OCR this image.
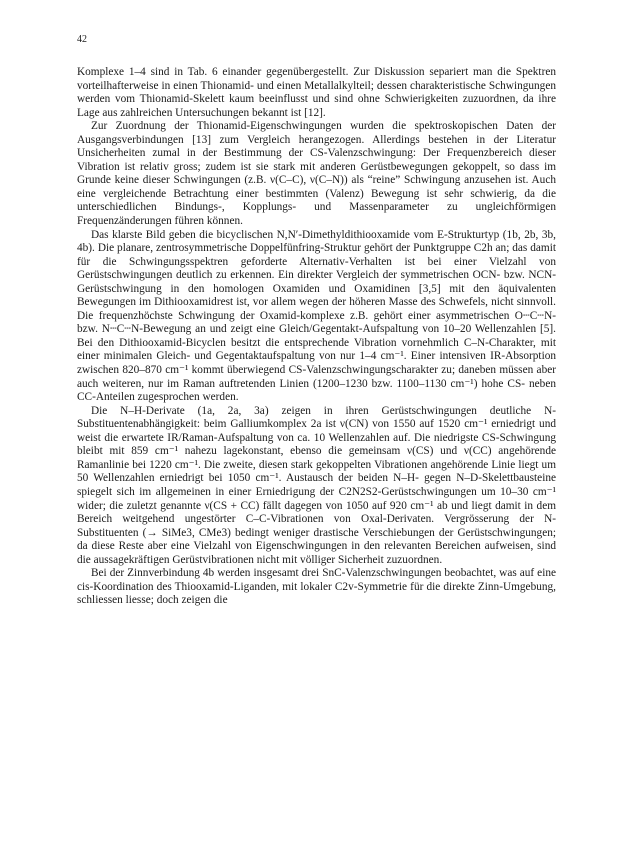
42

Komplexe 1–4 sind in Tab. 6 einander gegenübergestellt. Zur Diskussion separiert man die Spektren vorteilhafterweise in einen Thionamid- und einen Metallalkylteil; dessen charakteristische Schwingungen werden vom Thionamid-Skelett kaum beeinflusst und sind ohne Schwierigkeiten zuzuordnen, da ihre Lage aus zahlreichen Untersuchungen bekannt ist [12].

Zur Zuordnung der Thionamid-Eigenschwingungen wurden die spektroskopischen Daten der Ausgangsverbindungen [13] zum Vergleich herangezogen. Allerdings bestehen in der Literatur Unsicherheiten zumal in der Bestimmung der CS-Valenzschwingung: Der Frequenzbereich dieser Vibration ist relativ gross; zudem ist sie stark mit anderen Gerüstbewegungen gekoppelt, so dass im Grunde keine dieser Schwingungen (z.B. ν(C–C), ν(C–N)) als “reine” Schwingung anzusehen ist. Auch eine vergleichende Betrachtung einer bestimmten (Valenz) Bewegung ist sehr schwierig, da die unterschiedlichen Bindungs-, Kopplungs- und Massenparameter zu ungleichförmigen Frequenzänderungen führen können.

Das klarste Bild geben die bicyclischen N,N′-Dimethyldithiooxamide vom E-Strukturtyp (1b, 2b, 3b, 4b). Die planare, zentrosymmetrische Doppelfünfring-Struktur gehört der Punktgruppe C2h an; das damit für die Schwingungsspektren geforderte Alternativ-Verhalten ist bei einer Vielzahl von Gerüstschwingungen deutlich zu erkennen. Ein direkter Vergleich der symmetrischen OCN- bzw. NCN-Gerüstschwingung in den homologen Oxamiden und Oxamidinen [3,5] mit den äquivalenten Bewegungen im Dithiooxamidrest ist, vor allem wegen der höheren Masse des Schwefels, nicht sinnvoll. Die frequenzhöchste Schwingung der Oxamid-komplexe z.B. gehört einer asymmetrischen O┄C┄N- bzw. N┄C┄N-Bewegung an und zeigt eine Gleich/Gegentakt-Aufspaltung von 10–20 Wellenzahlen [5]. Bei den Dithiooxamid-Bicyclen besitzt die entsprechende Vibration vornehmlich C–N-Charakter, mit einer minimalen Gleich- und Gegentaktaufspaltung von nur 1–4 cm⁻¹. Einer intensiven IR-Absorption zwischen 820–870 cm⁻¹ kommt überwiegend CS-Valenzschwingungscharakter zu; daneben müssen aber auch weiteren, nur im Raman auftretenden Linien (1200–1230 bzw. 1100–1130 cm⁻¹) hohe CS- neben CC-Anteilen zugesprochen werden.

Die N–H-Derivate (1a, 2a, 3a) zeigen in ihren Gerüstschwingungen deutliche N-Substituentenabhängigkeit: beim Galliumkomplex 2a ist ν(CN) von 1550 auf 1520 cm⁻¹ erniedrigt und weist die erwartete IR/Raman-Aufspaltung von ca. 10 Wellenzahlen auf. Die niedrigste CS-Schwingung bleibt mit 859 cm⁻¹ nahezu lagekonstant, ebenso die gemeinsam ν(CS) und ν(CC) angehörende Ramanlinie bei 1220 cm⁻¹. Die zweite, diesen stark gekoppelten Vibrationen angehörende Linie liegt um 50 Wellenzahlen erniedrigt bei 1050 cm⁻¹. Austausch der beiden N–H- gegen N–D-Skelettbausteine spiegelt sich im allgemeinen in einer Erniedrigung der C2N2S2-Gerüstschwingungen um 10–30 cm⁻¹ wider; die zuletzt genannte ν(CS + CC) fällt dagegen von 1050 auf 920 cm⁻¹ ab und liegt damit in dem Bereich weitgehend ungestörter C–C-Vibrationen von Oxal-Derivaten. Vergrösserung der N-Substituenten (→ SiMe3, CMe3) bedingt weniger drastische Verschiebungen der Gerüstschwingungen; da diese Reste aber eine Vielzahl von Eigenschwingungen in den relevanten Bereichen aufweisen, sind die aussagekräftigen Gerüstvibrationen nicht mit völliger Sicherheit zuzuordnen.

Bei der Zinnverbindung 4b werden insgesamt drei SnC-Valenzschwingungen beobachtet, was auf eine cis-Koordination des Thiooxamid-Liganden, mit lokaler C2v-Symmetrie für die direkte Zinn-Umgebung, schliessen liesse; doch zeigen die
